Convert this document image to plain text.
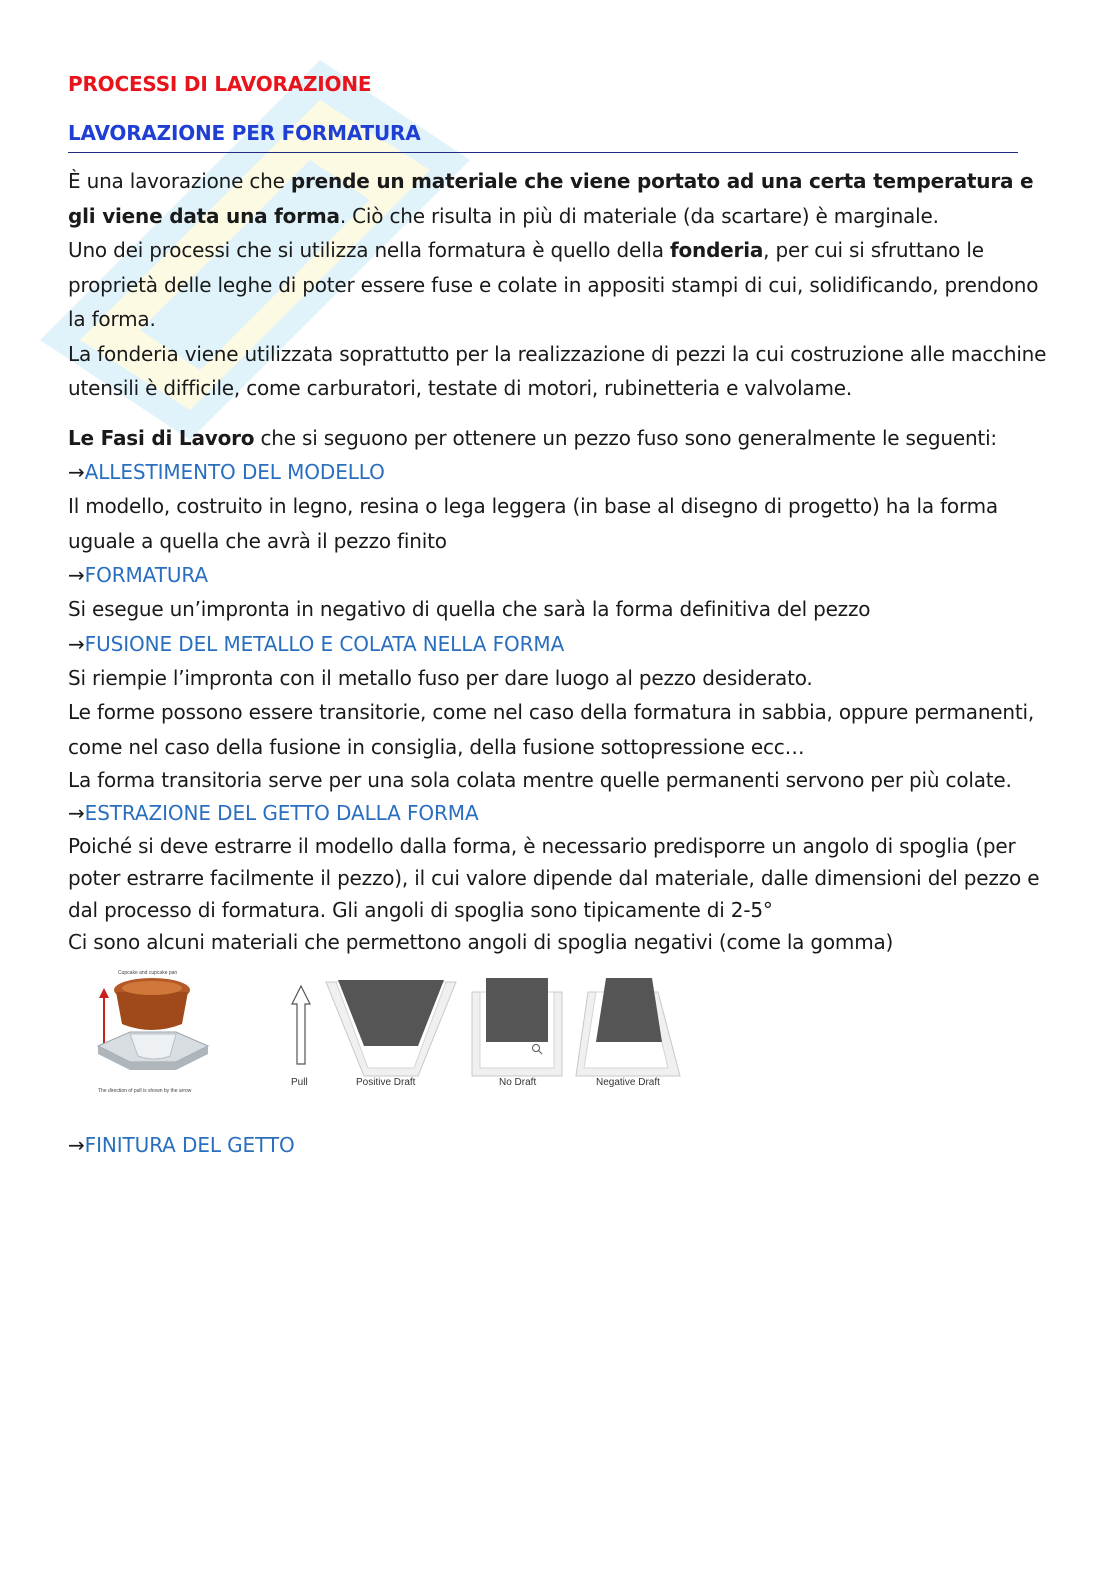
PROCESSI DI LAVORAZIONE
LAVORAZIONE PER FORMATURA

È una lavorazione che prende un materiale che viene portato ad una certa temperatura e gli viene data una forma. Ciò che risulta in più di materiale (da scartare) è marginale.

Uno dei processi che si utilizza nella formatura è quello della fonderia, per cui si sfruttano le proprietà delle leghe di poter essere fuse e colate in appositi stampi di cui, solidificando, prendono la forma.

La fonderia viene utilizzata soprattutto per la realizzazione di pezzi la cui costruzione alle macchine utensili è difficile, come carburatori, testate di motori, rubinetteria e valvolame.

Le Fasi di Lavoro che si seguono per ottenere un pezzo fuso sono generalmente le seguenti:

→ALLESTIMENTO DEL MODELLO

Il modello, costruito in legno, resina o lega leggera (in base al disegno di progetto) ha la forma uguale a quella che avrà il pezzo finito

→FORMATURA

Si esegue un’impronta in negativo di quella che sarà la forma definitiva del pezzo

→FUSIONE DEL METALLO E COLATA NELLA FORMA

Si riempie l’impronta con il metallo fuso per dare luogo al pezzo desiderato.

Le forme possono essere transitorie, come nel caso della formatura in sabbia, oppure permanenti, come nel caso della fusione in consiglia, della fusione sottopressione ecc…

La forma transitoria serve per una sola colata mentre quelle permanenti servono per più colate.

→ESTRAZIONE DEL GETTO DALLA FORMA

Poiché si deve estrarre il modello dalla forma, è necessario predisporre un angolo di spoglia (per poter estrarre facilmente il pezzo), il cui valore dipende dal materiale, dalle dimensioni del pezzo e dal processo di formatura. Gli angoli di spoglia sono tipicamente di 2-5°

Ci sono alcuni materiali che permettono angoli di spoglia negativi (come la gomma)

Cupcake and cupcake pan
The direction of pull is shown by the arrow
Pull	Positive Draft	No Draft	Negative Draft
→FINITURA DEL GETTO
